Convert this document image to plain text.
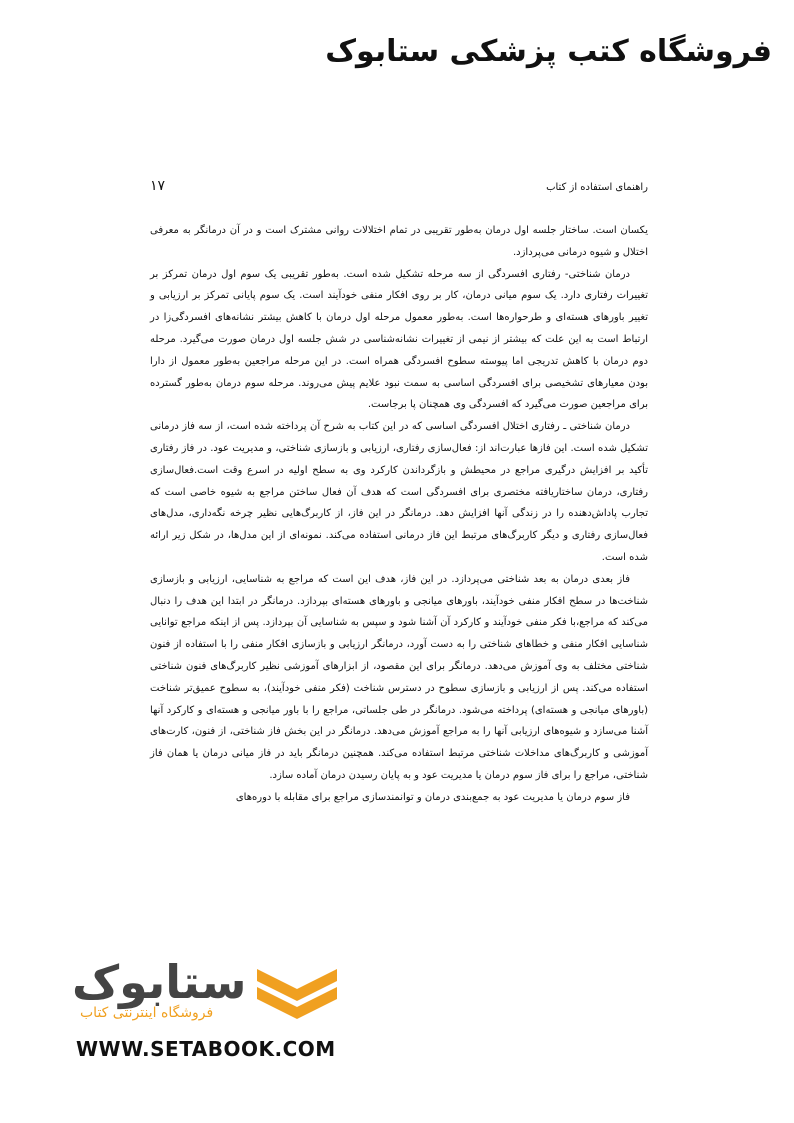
فروشگاه کتب پزشکی ستابوک
راهنمای استفاده از کتاب
۱۷

یکسان است. ساختار جلسه اول درمان به‌طور تقریبی در تمام اختلالات روانی مشترک است و در آن درمانگر به معرفی اختلال و شیوه درمانی می‌پردازد.

درمان شناختی- رفتاری افسردگی از سه مرحله تشکیل شده است. به‌طور تقریبی یک سوم اول درمان تمرکز بر تغییرات رفتاری دارد. یک سوم میانی درمان، کار بر روی افکار منفی خودآیند است. یک سوم پایانی تمرکز بر ارزیابی و تغییر باورهای هسته‌ای و طرحواره‌ها است. به‌طور معمول مرحله اول درمان با کاهش بیشتر نشانه‌های افسردگی‌زا در ارتباط است به این علت که بیشتر از نیمی از تغییرات نشانه‌شناسی در شش جلسه اول درمان صورت می‌گیرد. مرحله دوم درمان با کاهش تدریجی اما پیوسته سطوح افسردگی همراه است. در این مرحله مراجعین به‌طور معمول از دارا بودن معیارهای تشخیصی برای افسردگی اساسی به سمت نبود علایم پیش می‌روند. مرحله سوم درمان به‌طور گسترده برای مراجعین صورت می‌گیرد که افسردگی وی همچنان پا برجاست.

درمان شناختی ـ رفتاری اختلال افسردگی اساسی که در این کتاب به شرح آن پرداخته شده است، از سه فاز درمانی تشکیل شده است. این فازها عبارت‌اند از: فعال‌سازی رفتاری، ارزیابی و بازسازی شناختی، و مدیریت عود. در فاز رفتاری تأکید بر افزایش درگیری مراجع در محیطش و بازگرداندن کارکرد وی به سطح اولیه در اسرع وقت است.فعال‌سازی رفتاری، درمان ساختاریافته مختصری برای افسردگی است که هدف آن فعال ساختن مراجع به شیوه خاصی است که تجارب پاداش‌دهنده را در زندگی آنها افزایش دهد. درمانگر در این فاز، از کاربرگ‌هایی نظیر چرخه نگه‌داری، مدل‌های فعال‌سازی رفتاری و دیگر کاربرگ‌های مرتبط این فاز درمانی استفاده می‌کند. نمونه‌ای از این مدل‌ها، در شکل زیر ارائه شده است.

فاز بعدی درمان به بعد شناختی می‌پردازد. در این فاز، هدف این است که مراجع به شناسایی، ارزیابی و بازسازی شناخت‌ها در سطح افکار منفی خودآیند، باورهای میانجی و باورهای هسته‌ای بپردازد. درمانگر در ابتدا این هدف را دنبال می‌کند که مراجع،با فکر منفی خودآیند و کارکرد آن آشنا شود و سپس به شناسایی آن بپردازد. پس از اینکه مراجع توانایی شناسایی افکار منفی و خطاهای شناختی را به دست آورد، درمانگر ارزیابی و بازسازی افکار منفی را با استفاده از فنون شناختی مختلف به وی آموزش می‌دهد. درمانگر برای این مقصود، از ابزارهای آموزشی نظیر کاربرگ‌های فنون شناختی استفاده می‌کند. پس از ارزیابی و بازسازی سطوح در دسترس شناخت (فکر منفی خودآیند)، به سطوح عمیق‌تر شناخت (باورهای میانجی و هسته‌ای) پرداخته می‌شود. درمانگر در طی جلساتی، مراجع را با باور میانجی و هسته‌ای و کارکرد آنها آشنا می‌سازد و شیوه‌های ارزیابی آنها را به مراجع آموزش می‌دهد. درمانگر در این بخش فاز شناختی، از فنون، کارت‌های آموزشی و کاربرگ‌های مداخلات شناختی مرتبط استفاده می‌کند. همچنین درمانگر باید در فاز میانی درمان یا همان فاز شناختی، مراجع را برای فاز سوم درمان یا مدیریت عود و به پایان رسیدن درمان آماده سازد.

فاز سوم درمان یا مدیریت عود به جمع‌بندی درمان و توانمندسازی مراجع برای مقابله با دوره‌های

ستابوک
فروشگاه اینترنتی کتاب
WWW.SETABOOK.COM
